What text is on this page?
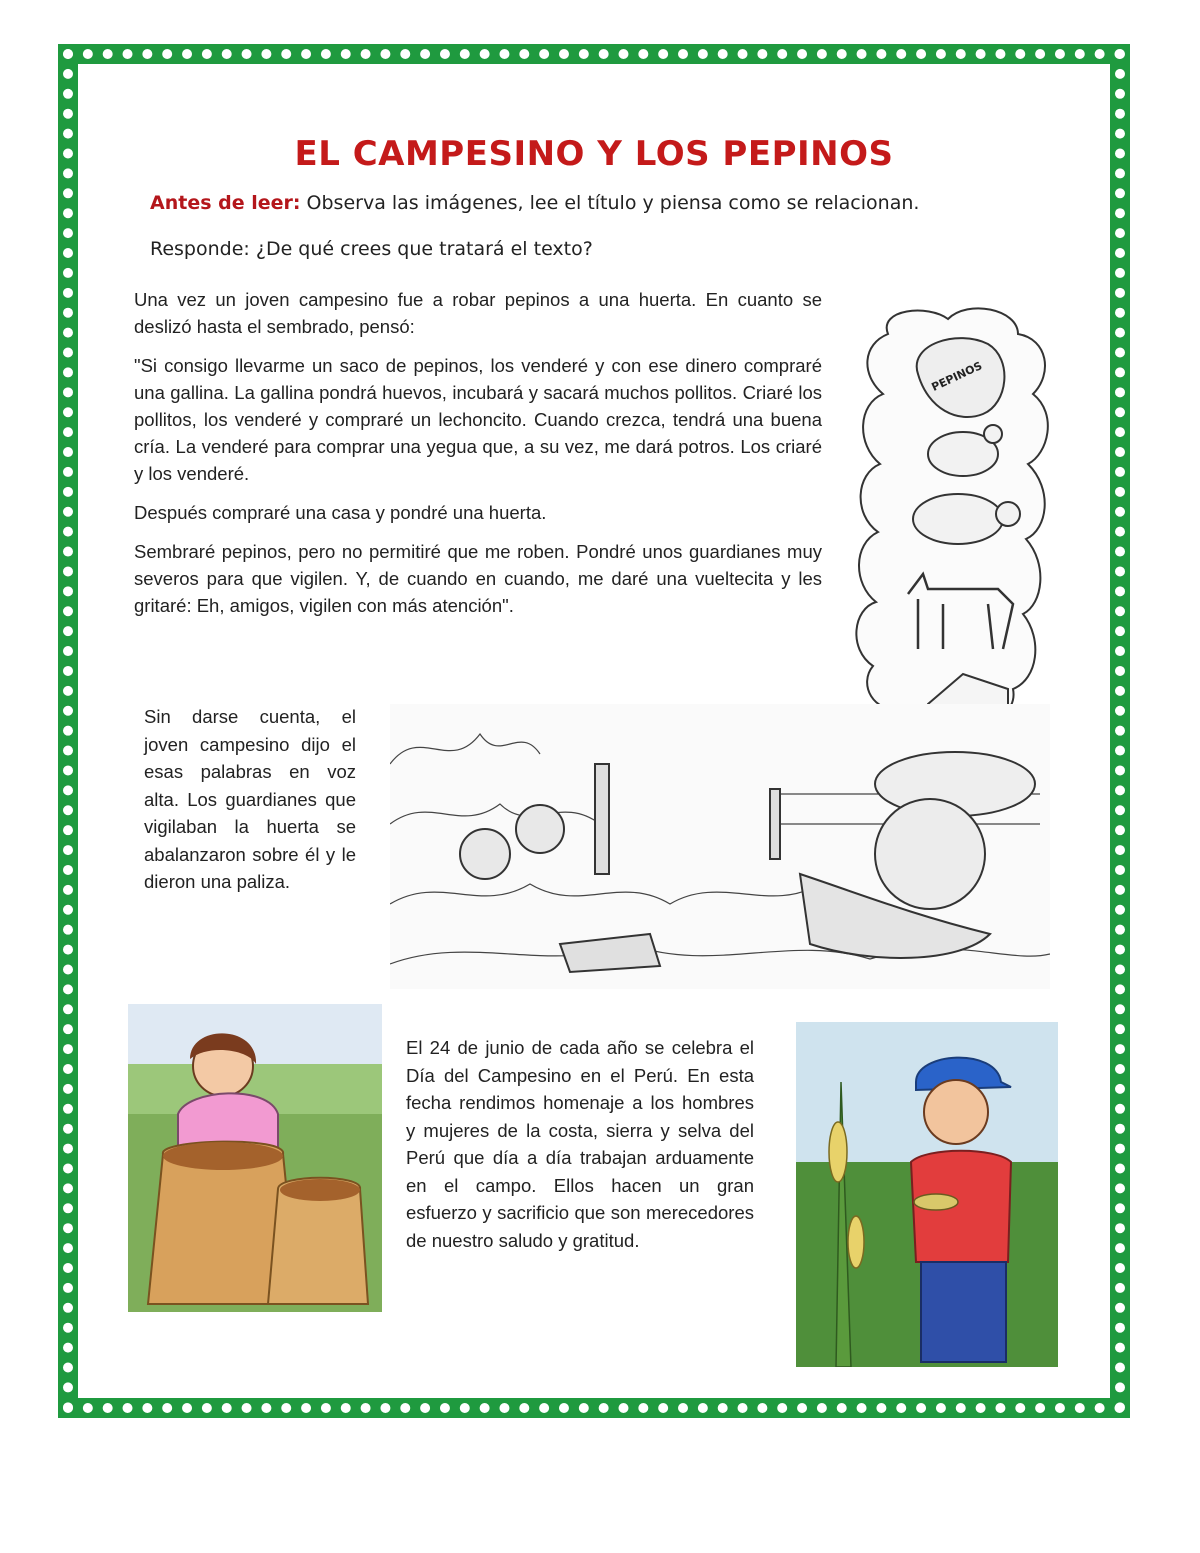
EL CAMPESINO Y LOS PEPINOS
Antes de leer: Observa las imágenes, lee el título y piensa como se relacionan.
Responde: ¿De qué crees que tratará el texto?

Una vez un joven campesino fue a robar pepinos a una huerta. En cuanto se deslizó hasta el sembrado, pensó:

"Si consigo llevarme un saco de pepinos, los venderé y con ese dinero compraré una gallina. La gallina pondrá huevos, incubará y sacará muchos pollitos. Criaré los pollitos, los venderé y compraré un lechoncito. Cuando crezca, tendrá una buena cría. La venderé para comprar una yegua que, a su vez, me dará potros. Los criaré y los venderé.

Después compraré una casa y pondré una huerta.

Sembraré pepinos, pero no permitiré que me roben. Pondré unos guardianes muy severos para que vigilen. Y, de cuando en cuando, me daré una vueltecita y les gritaré: Eh, amigos, vigilen con más atención".

PEPINOS
Sin darse cuenta, el joven campesino dijo el esas palabras en voz alta. Los guardianes que vigilaban la huerta se abalanzaron sobre él y le dieron una paliza.
El 24 de junio de cada año se celebra el Día del Campesino en el Perú. En esta fecha rendimos homenaje a los hombres y mujeres de la costa, sierra y selva del Perú que día a día trabajan arduamente en el campo. Ellos hacen un gran esfuerzo y sacrificio que son merecedores de nuestro saludo y gratitud.
